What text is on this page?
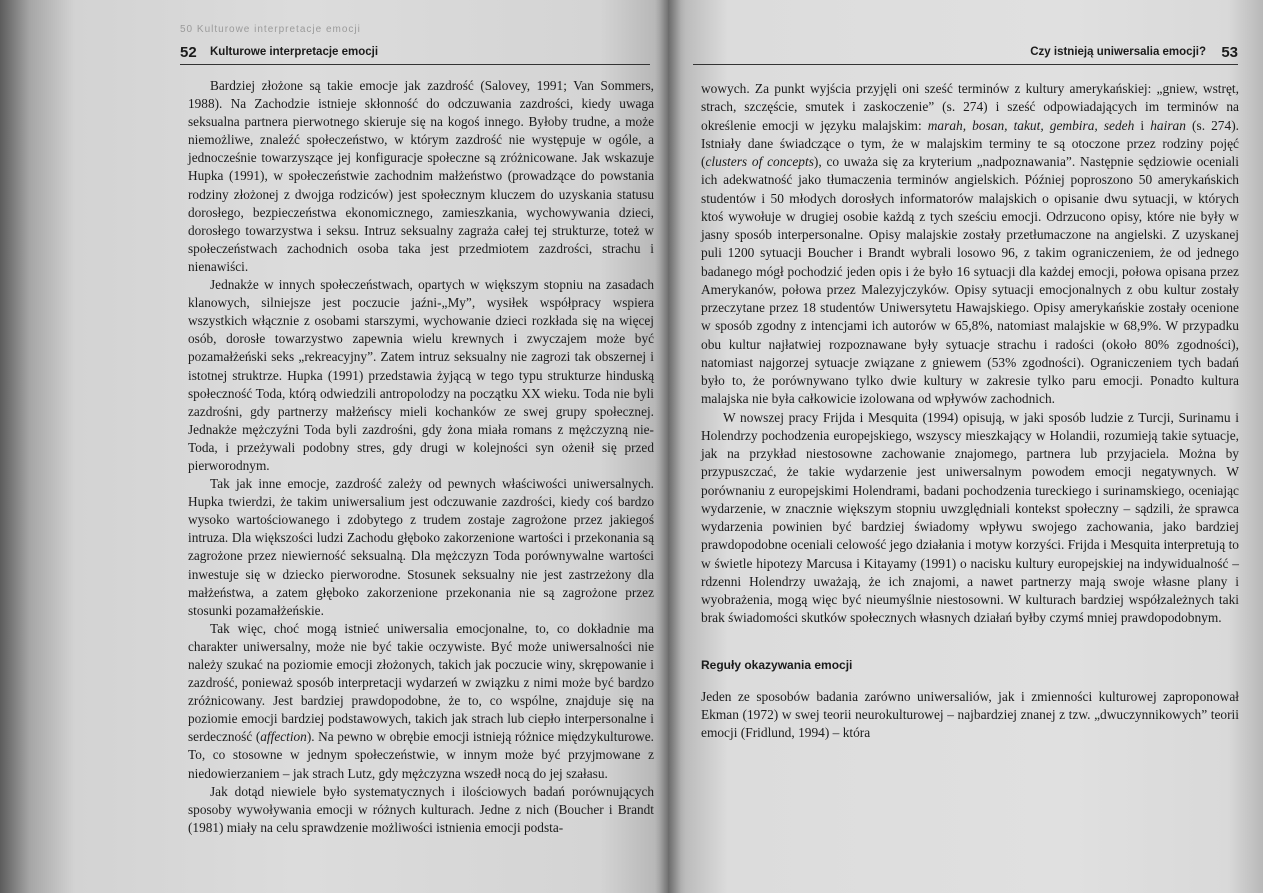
50 Kulturowe interpretacje emocji
52 Kulturowe interpretacje emocji

Bardziej złożone są takie emocje jak zazdrość (Salovey, 1991; Van Sommers, 1988). Na Zachodzie istnieje skłonność do odczuwania zazdrości, kiedy uwaga seksualna partnera pierwotnego skieruje się na kogoś innego. Byłoby trudne, a może niemożliwe, znaleźć społeczeństwo, w którym zazdrość nie występuje w ogóle, a jednocześnie towarzyszące jej konfiguracje społeczne są zróżnicowane. Jak wskazuje Hupka (1991), w społeczeństwie zachodnim małżeństwo (prowadzące do powstania rodziny złożonej z dwojga rodziców) jest społecznym kluczem do uzyskania statusu dorosłego, bezpieczeństwa ekonomicznego, zamieszkania, wychowywania dzieci, dorosłego towarzystwa i seksu. Intruz seksualny zagraża całej tej strukturze, toteż w społeczeństwach zachodnich osoba taka jest przedmiotem zazdrości, strachu i nienawiści.

Jednakże w innych społeczeństwach, opartych w większym stopniu na zasadach klanowych, silniejsze jest poczucie jaźni-„My”, wysiłek współpracy wspiera wszystkich włącznie z osobami starszymi, wychowanie dzieci rozkłada się na więcej osób, dorosłe towarzystwo zapewnia wielu krewnych i zwyczajem może być pozamałżeński seks „rekreacyjny”. Zatem intruz seksualny nie zagrozi tak obszernej i istotnej struktrze. Hupka (1991) przedstawia żyjącą w tego typu strukturze hinduską społeczność Toda, którą odwiedzili antropolodzy na początku XX wieku. Toda nie byli zazdrośni, gdy partnerzy małżeńscy mieli kochanków ze swej grupy społecznej. Jednakże mężczyźni Toda byli zazdrośni, gdy żona miała romans z mężczyzną nie-Toda, i przeżywali podobny stres, gdy drugi w kolejności syn ożenił się przed pierworodnym.

Tak jak inne emocje, zazdrość zależy od pewnych właściwości uniwersalnych. Hupka twierdzi, że takim uniwersalium jest odczuwanie zazdrości, kiedy coś bardzo wysoko wartościowanego i zdobytego z trudem zostaje zagrożone przez jakiegoś intruza. Dla większości ludzi Zachodu głęboko zakorzenione wartości i przekonania są zagrożone przez niewierność seksualną. Dla mężczyzn Toda porównywalne wartości inwestuje się w dziecko pierworodne. Stosunek seksualny nie jest zastrzeżony dla małżeństwa, a zatem głęboko zakorzenione przekonania nie są zagrożone przez stosunki pozamałżeńskie.

Tak więc, choć mogą istnieć uniwersalia emocjonalne, to, co dokładnie ma charakter uniwersalny, może nie być takie oczywiste. Być może uniwersalności nie należy szukać na poziomie emocji złożonych, takich jak poczucie winy, skrępowanie i zazdrość, ponieważ sposób interpretacji wydarzeń w związku z nimi może być bardzo zróżnicowany. Jest bardziej prawdopodobne, że to, co wspólne, znajduje się na poziomie emocji bardziej podstawowych, takich jak strach lub ciepło interpersonalne i serdeczność (affection). Na pewno w obrębie emocji istnieją różnice międzykulturowe. To, co stosowne w jednym społeczeństwie, w innym może być przyjmowane z niedowierzaniem – jak strach Lutz, gdy mężczyzna wszedł nocą do jej szałasu.

Jak dotąd niewiele było systematycznych i ilościowych badań porównujących sposoby wywoływania emocji w różnych kulturach. Jedne z nich (Boucher i Brandt (1981) miały na celu sprawdzenie możliwości istnienia emocji podsta-

Czy istnieją uniwersalia emocji? 53

wowych. Za punkt wyjścia przyjęli oni sześć terminów z kultury amerykańskiej: „gniew, wstręt, strach, szczęście, smutek i zaskoczenie” (s. 274) i sześć odpowiadających im terminów na określenie emocji w języku malajskim: marah, bosan, takut, gembira, sedeh i hairan (s. 274). Istniały dane świadczące o tym, że w malajskim terminy te są otoczone przez rodziny pojęć (clusters of concepts), co uważa się za kryterium „nadpoznawania”. Następnie sędziowie oceniali ich adekwatność jako tłumaczenia terminów angielskich. Później poproszono 50 amerykańskich studentów i 50 młodych dorosłych informatorów malajskich o opisanie dwu sytuacji, w których ktoś wywołuje w drugiej osobie każdą z tych sześciu emocji. Odrzucono opisy, które nie były w jasny sposób interpersonalne. Opisy malajskie zostały przetłumaczone na angielski. Z uzyskanej puli 1200 sytuacji Boucher i Brandt wybrali losowo 96, z takim ograniczeniem, że od jednego badanego mógł pochodzić jeden opis i że było 16 sytuacji dla każdej emocji, połowa opisana przez Amerykanów, połowa przez Malezyjczyków. Opisy sytuacji emocjonalnych z obu kultur zostały przeczytane przez 18 studentów Uniwersytetu Hawajskiego. Opisy amerykańskie zostały ocenione w sposób zgodny z intencjami ich autorów w 65,8%, natomiast malajskie w 68,9%. W przypadku obu kultur najłatwiej rozpoznawane były sytuacje strachu i radości (około 80% zgodności), natomiast najgorzej sytuacje związane z gniewem (53% zgodności). Ograniczeniem tych badań było to, że porównywano tylko dwie kultury w zakresie tylko paru emocji. Ponadto kultura malajska nie była całkowicie izolowana od wpływów zachodnich.

W nowszej pracy Frijda i Mesquita (1994) opisują, w jaki sposób ludzie z Turcji, Surinamu i Holendrzy pochodzenia europejskiego, wszyscy mieszkający w Holandii, rozumieją takie sytuacje, jak na przykład niestosowne zachowanie znajomego, partnera lub przyjaciela. Można by przypuszczać, że takie wydarzenie jest uniwersalnym powodem emocji negatywnych. W porównaniu z europejskimi Holendrami, badani pochodzenia tureckiego i surinamskiego, oceniając wydarzenie, w znacznie większym stopniu uwzględniali kontekst społeczny – sądzili, że sprawca wydarzenia powinien być bardziej świadomy wpływu swojego zachowania, jako bardziej prawdopodobne oceniali celowość jego działania i motyw korzyści. Frijda i Mesquita interpretują to w świetle hipotezy Marcusa i Kitayamy (1991) o nacisku kultury europejskiej na indywidualność – rdzenni Holendrzy uważają, że ich znajomi, a nawet partnerzy mają swoje własne plany i wyobrażenia, mogą więc być nieumyślnie niestosowni. W kulturach bardziej współzależnych taki brak świadomości skutków społecznych własnych działań byłby czymś mniej prawdopodobnym.

Reguły okazywania emocji

Jeden ze sposobów badania zarówno uniwersaliów, jak i zmienności kulturowej zaproponował Ekman (1972) w swej teorii neurokulturowej – najbardziej znanej z tzw. „dwuczynnikowych” teorii emocji (Fridlund, 1994) – która
